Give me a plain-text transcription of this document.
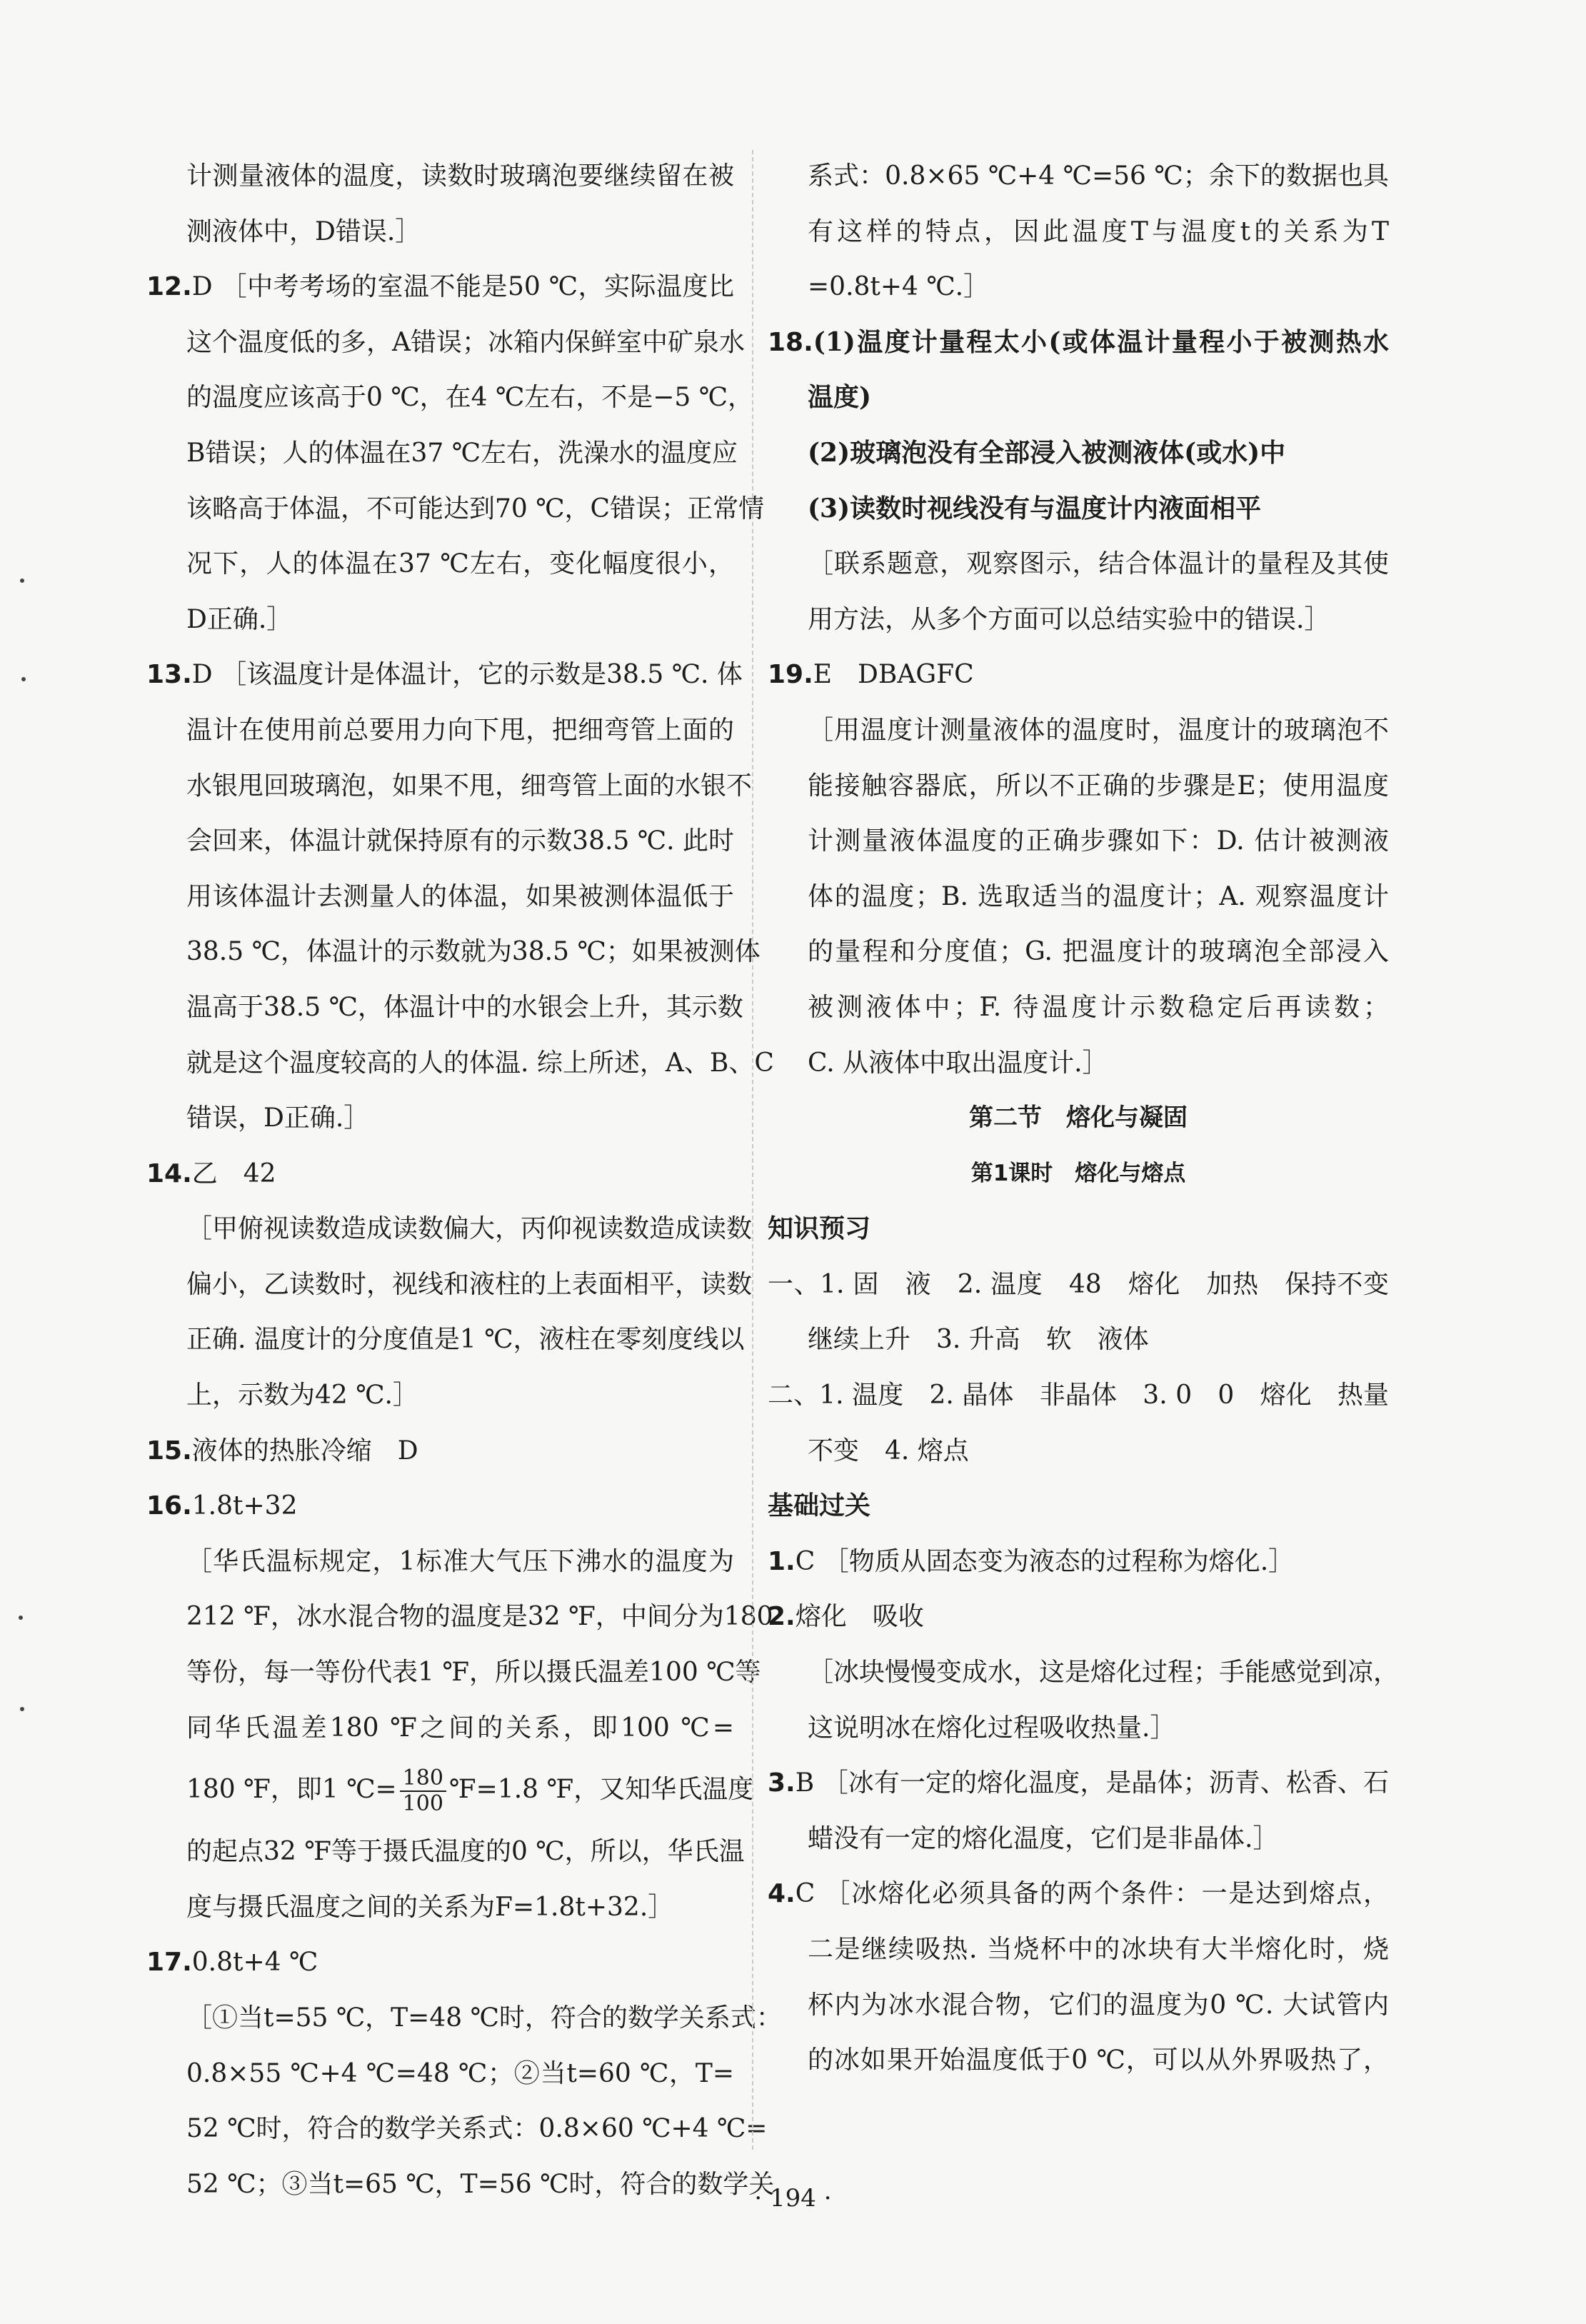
计测量液体的温度，读数时玻璃泡要继续留在被
测液体中，D错误.］
12.D ［中考考场的室温不能是50 ℃，实际温度比
这个温度低的多，A错误；冰箱内保鲜室中矿泉水
的温度应该高于0 ℃，在4 ℃左右，不是−5 ℃，
B错误；人的体温在37 ℃左右，洗澡水的温度应
该略高于体温，不可能达到70 ℃，C错误；正常情
况下，人的体温在37 ℃左右，变化幅度很小，
D正确.］
13.D ［该温度计是体温计，它的示数是38.5 ℃. 体
温计在使用前总要用力向下甩，把细弯管上面的
水银甩回玻璃泡，如果不甩，细弯管上面的水银不
会回来，体温计就保持原有的示数38.5 ℃. 此时
用该体温计去测量人的体温，如果被测体温低于
38.5 ℃，体温计的示数就为38.5 ℃；如果被测体
温高于38.5 ℃，体温计中的水银会上升，其示数
就是这个温度较高的人的体温. 综上所述，A、B、C
错误，D正确.］
14.乙　42
［甲俯视读数造成读数偏大，丙仰视读数造成读数
偏小，乙读数时，视线和液柱的上表面相平，读数
正确. 温度计的分度值是1 ℃，液柱在零刻度线以
上，示数为42 ℃.］
15.液体的热胀冷缩　D
16.1.8t+32
［华氏温标规定，1标准大气压下沸水的温度为
212 ℉，冰水混合物的温度是32 ℉，中间分为180
等份，每一等份代表1 ℉，所以摄氏温差100 ℃等
同华氏温差180 ℉之间的关系，即100 ℃=
180 ℉，即1 ℃= $\frac{180}{100}$ ℉=1.8 ℉，又知华氏温度
的起点32 ℉等于摄氏温度的0 ℃，所以，华氏温
度与摄氏温度之间的关系为F=1.8t+32.］
17.0.8t+4 ℃
［①当t=55 ℃，T=48 ℃时，符合的数学关系式：
0.8×55 ℃+4 ℃=48 ℃；②当t=60 ℃，T=
52 ℃时，符合的数学关系式：0.8×60 ℃+4 ℃=
52 ℃；③当t=65 ℃，T=56 ℃时，符合的数学关
系式：0.8×65 ℃+4 ℃=56 ℃；余下的数据也具
有这样的特点，因此温度T与温度t的关系为T
=0.8t+4 ℃.］
18.(1)温度计量程太小(或体温计量程小于被测热水
温度)
(2)玻璃泡没有全部浸入被测液体(或水)中
(3)读数时视线没有与温度计内液面相平
［联系题意，观察图示，结合体温计的量程及其使
用方法，从多个方面可以总结实验中的错误.］
19.E　DBAGFC
［用温度计测量液体的温度时，温度计的玻璃泡不
能接触容器底，所以不正确的步骤是E；使用温度
计测量液体温度的正确步骤如下：D. 估计被测液
体的温度；B. 选取适当的温度计；A. 观察温度计
的量程和分度值；G. 把温度计的玻璃泡全部浸入
被测液体中；F. 待温度计示数稳定后再读数；
C. 从液体中取出温度计.］
第二节　熔化与凝固
第1课时　熔化与熔点
知识预习
一、1. 固　液　2. 温度　48　熔化　加热　保持不变
继续上升　3. 升高　软　液体
二、1. 温度　2. 晶体　非晶体　3. 0　0　熔化　热量
不变　4. 熔点
基础过关
1.C ［物质从固态变为液态的过程称为熔化.］
2.熔化　吸收
［冰块慢慢变成水，这是熔化过程；手能感觉到凉，
这说明冰在熔化过程吸收热量.］
3.B ［冰有一定的熔化温度，是晶体；沥青、松香、石
蜡没有一定的熔化温度，它们是非晶体.］
4.C ［冰熔化必须具备的两个条件：一是达到熔点，
二是继续吸热. 当烧杯中的冰块有大半熔化时，烧
杯内为冰水混合物，它们的温度为0 ℃. 大试管内
的冰如果开始温度低于0 ℃，可以从外界吸热了，
· 194 ·
